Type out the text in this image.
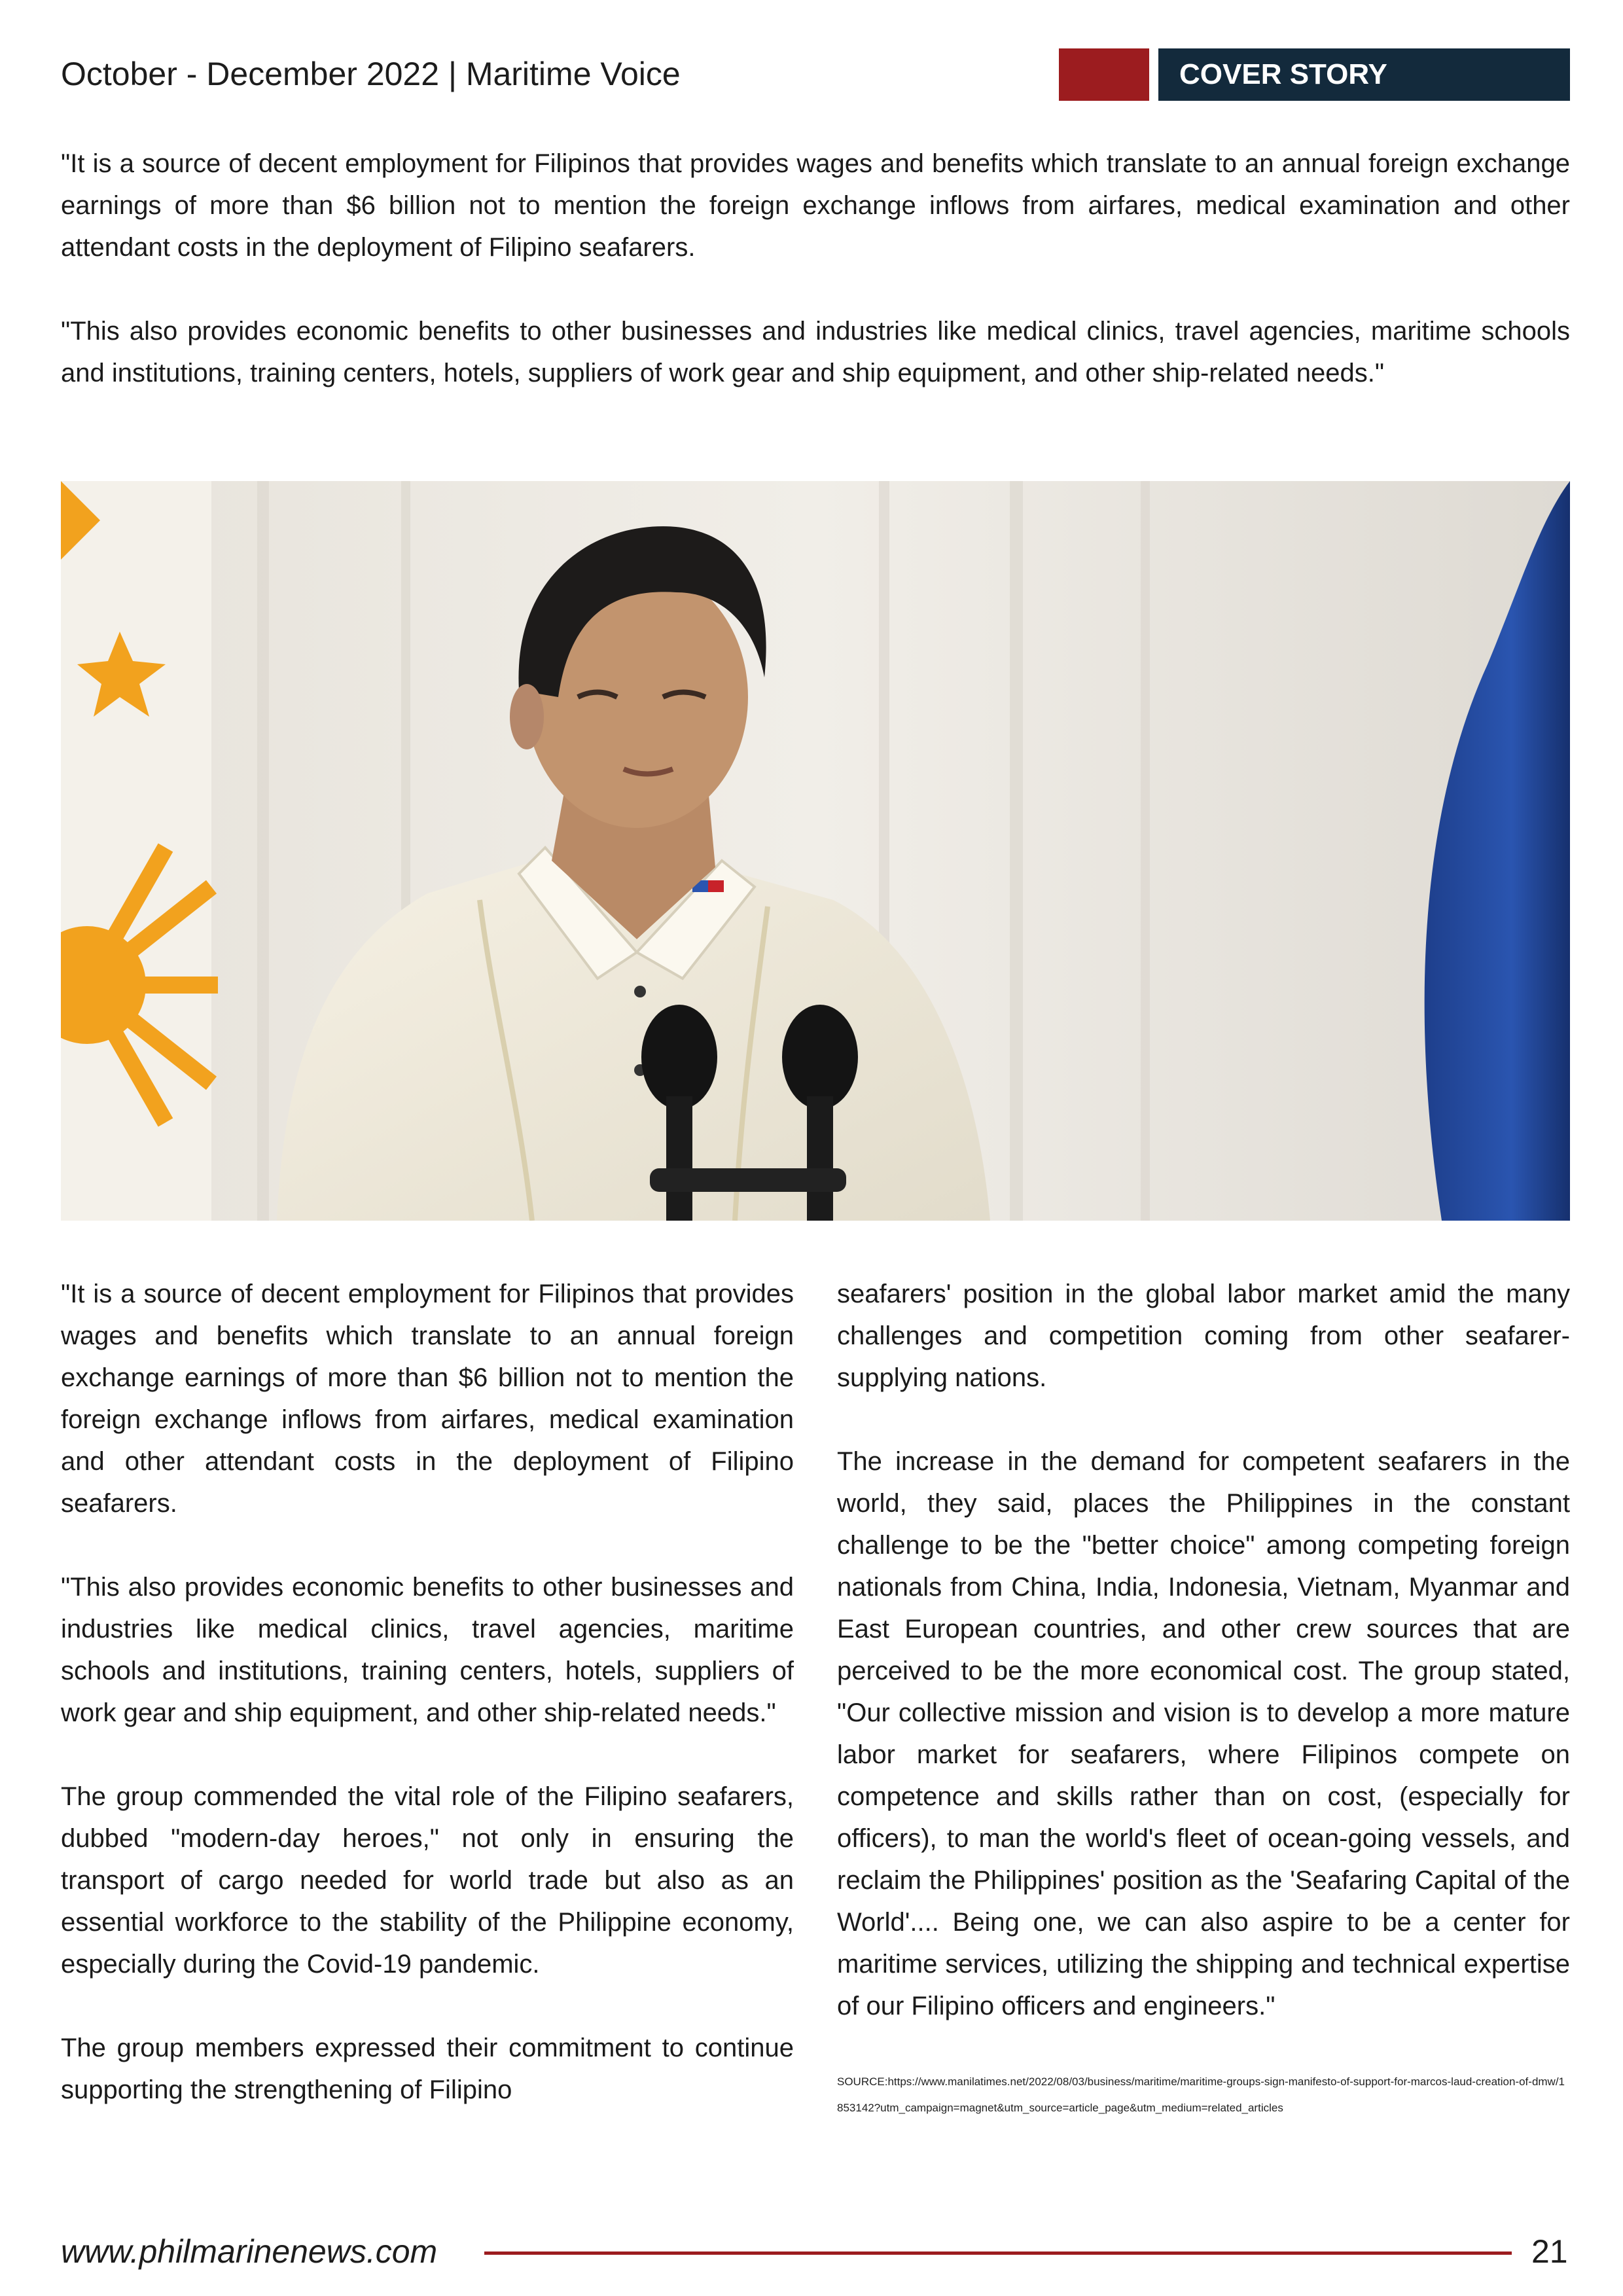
October - December 2022 | Maritime Voice	COVER STORY

"It is a source of decent employment for Filipinos that provides wages and benefits which translate to an annual foreign exchange earnings of more than $6 billion not to mention the foreign exchange inflows from airfares, medical examination and other attendant costs in the deployment of Filipino seafarers.

"This also provides economic benefits to other businesses and industries like medical clinics, travel agencies, maritime schools and institutions, training centers, hotels, suppliers of work gear and ship equipment, and other ship-related needs."

"It is a source of decent employment for Filipinos that provides wages and benefits which translate to an annual foreign exchange earnings of more than $6 billion not to mention the foreign exchange inflows from airfares, medical examination and other attendant costs in the deployment of Filipino seafarers.

"This also provides economic benefits to other businesses and industries like medical clinics, travel agencies, maritime schools and institutions, training centers, hotels, suppliers of work gear and ship equipment, and other ship-related needs."

The group commended the vital role of the Filipino seafarers, dubbed "modern-day heroes," not only in ensuring the transport of cargo needed for world trade but also as an essential workforce to the stability of the Philippine economy, especially during the Covid-19 pandemic.

The group members expressed their commitment to continue supporting the strengthening of Filipino

seafarers' position in the global labor market amid the many challenges and competition coming from other seafarer-supplying nations.

The increase in the demand for competent seafarers in the world, they said, places the Philippines in the constant challenge to be the "better choice" among competing foreign nationals from China, India, Indonesia, Vietnam, Myanmar and East European countries, and other crew sources that are perceived to be the more economical cost. The group stated, "Our collective mission and vision is to develop a more mature labor market for seafarers, where Filipinos compete on competence and skills rather than on cost, (especially for officers), to man the world's fleet of ocean-going vessels, and reclaim the Philippines' position as the 'Seafaring Capital of the World'.... Being one, we can also aspire to be a center for maritime services, utilizing the shipping and technical expertise of our Filipino officers and engineers."

SOURCE:https://www.manilatimes.net/2022/08/03/business/maritime/maritime-groups-sign-manifesto-of-support-for-marcos-laud-creation-of-dmw/1853142?utm_campaign=magnet&utm_source=article_page&utm_medium=related_articles
www.philmarinenews.com	21
